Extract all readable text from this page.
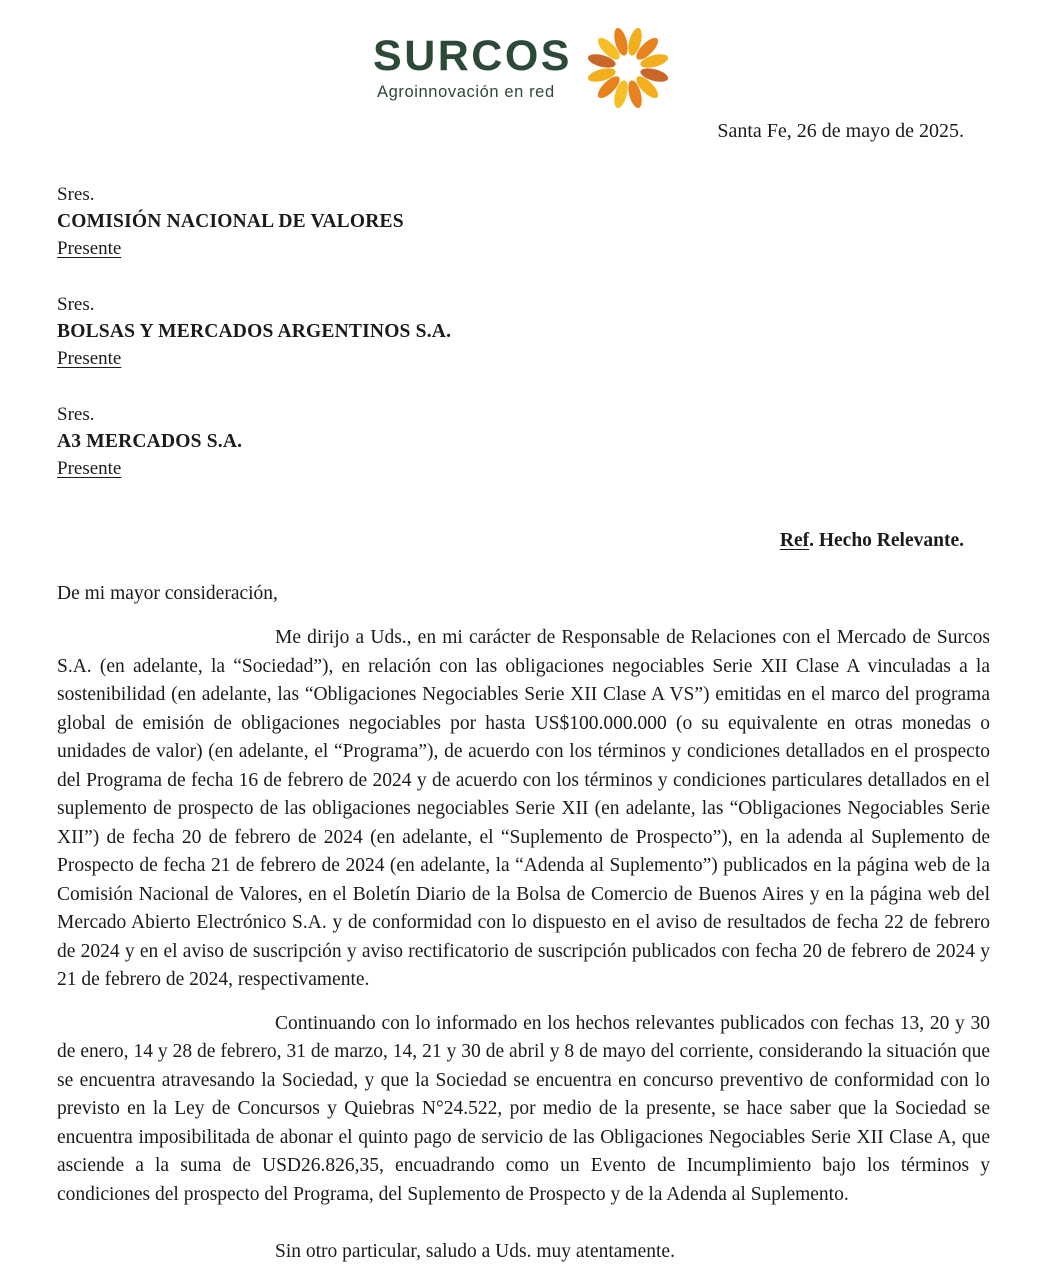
SURCOS
Agroinnovación en red
Santa Fe, 26 de mayo de 2025.
Sres.
COMISIÓN NACIONAL DE VALORES
Presente
Sres.
BOLSAS Y MERCADOS ARGENTINOS S.A.
Presente
Sres.
A3 MERCADOS S.A.
Presente
Ref. Hecho Relevante.
De mi mayor consideración,

Me dirijo a Uds., en mi carácter de Responsable de Relaciones con el Mercado de Surcos S.A. (en adelante, la “Sociedad”), en relación con las obligaciones negociables Serie XII Clase A vinculadas a la sostenibilidad (en adelante, las “Obligaciones Negociables Serie XII Clase A VS”) emitidas en el marco del programa global de emisión de obligaciones negociables por hasta US$100.000.000 (o su equivalente en otras monedas o unidades de valor) (en adelante, el “Programa”), de acuerdo con los términos y condiciones detallados en el prospecto del Programa de fecha 16 de febrero de 2024 y de acuerdo con los términos y condiciones particulares detallados en el suplemento de prospecto de las obligaciones negociables Serie XII (en adelante, las “Obligaciones Negociables Serie XII”) de fecha 20 de febrero de 2024 (en adelante, el “Suplemento de Prospecto”), en la adenda al Suplemento de Prospecto de fecha 21 de febrero de 2024 (en adelante, la “Adenda al Suplemento”) publicados en la página web de la Comisión Nacional de Valores, en el Boletín Diario de la Bolsa de Comercio de Buenos Aires y en la página web del Mercado Abierto Electrónico S.A. y de conformidad con lo dispuesto en el aviso de resultados de fecha 22 de febrero de 2024 y en el aviso de suscripción y aviso rectificatorio de suscripción publicados con fecha 20 de febrero de 2024 y 21 de febrero de 2024, respectivamente.

Continuando con lo informado en los hechos relevantes publicados con fechas 13, 20 y 30 de enero, 14 y 28 de febrero, 31 de marzo, 14, 21 y 30 de abril y 8 de mayo del corriente, considerando la situación que se encuentra atravesando la Sociedad, y que la Sociedad se encuentra en concurso preventivo de conformidad con lo previsto en la Ley de Concursos y Quiebras N°24.522, por medio de la presente, se hace saber que la Sociedad se encuentra imposibilitada de abonar el quinto pago de servicio de las Obligaciones Negociables Serie XII Clase A, que asciende a la suma de USD26.826,35, encuadrando como un Evento de Incumplimiento bajo los términos y condiciones del prospecto del Programa, del Suplemento de Prospecto y de la Adenda al Suplemento.

Sin otro particular, saludo a Uds. muy atentamente.
